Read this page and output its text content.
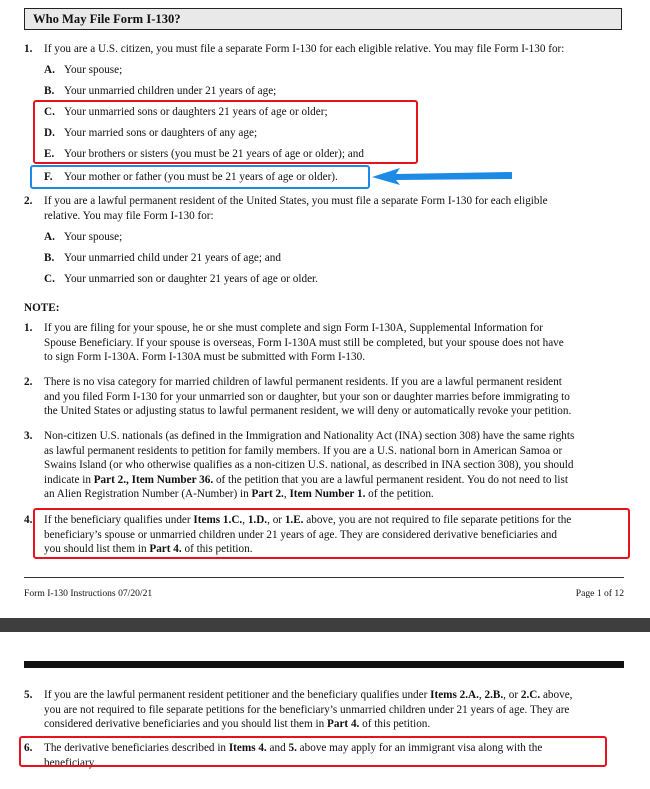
Who May File Form I-130?
1. If you are a U.S. citizen, you must file a separate Form I-130 for each eligible relative. You may file Form I-130 for:
A. Your spouse;
B. Your unmarried children under 21 years of age;
C. Your unmarried sons or daughters 21 years of age or older;
D. Your married sons or daughters of any age;
E. Your brothers or sisters (you must be 21 years of age or older); and
F. Your mother or father (you must be 21 years of age or older).
2. If you are a lawful permanent resident of the United States, you must file a separate Form I-130 for each eligible
relative. You may file Form I-130 for:
A. Your spouse;
B. Your unmarried child under 21 years of age; and
C. Your unmarried son or daughter 21 years of age or older.
NOTE:
1. If you are filing for your spouse, he or she must complete and sign Form I-130A, Supplemental Information for
Spouse Beneficiary. If your spouse is overseas, Form I-130A must still be completed, but your spouse does not have
to sign Form I-130A. Form I-130A must be submitted with Form I-130.
2. There is no visa category for married children of lawful permanent residents. If you are a lawful permanent resident
and you filed Form I-130 for your unmarried son or daughter, but your son or daughter marries before immigrating to
the United States or adjusting status to lawful permanent resident, we will deny or automatically revoke your petition.
3. Non-citizen U.S. nationals (as defined in the Immigration and Nationality Act (INA) section 308) have the same rights
as lawful permanent residents to petition for family members. If you are a U.S. national born in American Samoa or
Swains Island (or who otherwise qualifies as a non-citizen U.S. national, as described in INA section 308), you should
indicate in Part 2., Item Number 36. of the petition that you are a lawful permanent resident. You do not need to list
an Alien Registration Number (A-Number) in Part 2., Item Number 1. of the petition.
4. If the beneficiary qualifies under Items 1.C., 1.D., or 1.E. above, you are not required to file separate petitions for the
beneficiary’s spouse or unmarried children under 21 years of age. They are considered derivative beneficiaries and
you should list them in Part 4. of this petition.
Form I-130 Instructions 07/20/21	Page 1 of 12
5. If you are the lawful permanent resident petitioner and the beneficiary qualifies under Items 2.A., 2.B., or 2.C. above,
you are not required to file separate petitions for the beneficiary’s unmarried children under 21 years of age. They are
considered derivative beneficiaries and you should list them in Part 4. of this petition.
6. The derivative beneficiaries described in Items 4. and 5. above may apply for an immigrant visa along with the
beneficiary.
